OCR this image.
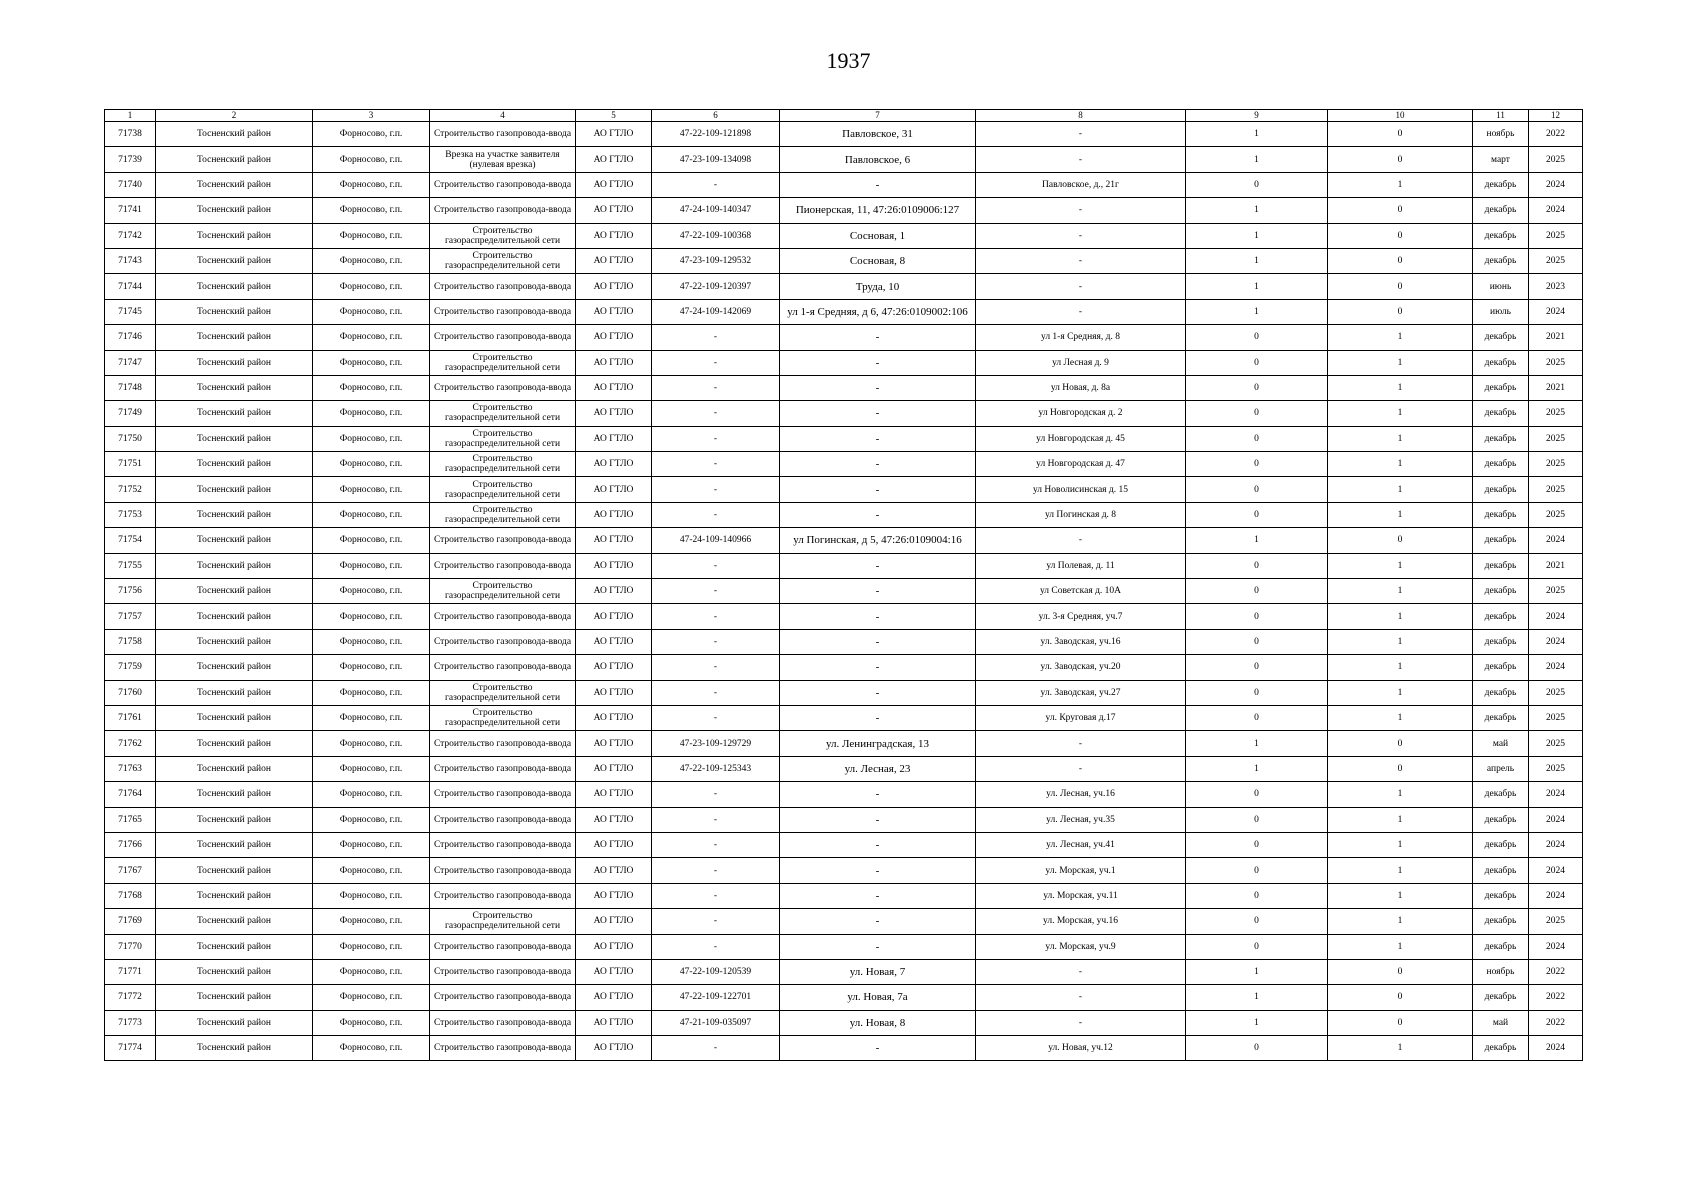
1937
1	2	3	4	5	6	7	8	9	10	11	12
71738	Тосненский район	Форносово, г.п.	Строительство газопровода-ввода	АО ГТЛО	47-22-109-121898	Павловское, 31	-	1	0	ноябрь	2022
71739	Тосненский район	Форносово, г.п.	Врезка на участке заявителя (нулевая врезка)	АО ГТЛО	47-23-109-134098	Павловское, 6	-	1	0	март	2025
71740	Тосненский район	Форносово, г.п.	Строительство газопровода-ввода	АО ГТЛО	-	-	Павловское, д., 21г	0	1	декабрь	2024
71741	Тосненский район	Форносово, г.п.	Строительство газопровода-ввода	АО ГТЛО	47-24-109-140347	Пионерская, 11, 47:26:0109006:127	-	1	0	декабрь	2024
71742	Тосненский район	Форносово, г.п.	Строительство газораспределительной сети	АО ГТЛО	47-22-109-100368	Сосновая, 1	-	1	0	декабрь	2025
71743	Тосненский район	Форносово, г.п.	Строительство газораспределительной сети	АО ГТЛО	47-23-109-129532	Сосновая, 8	-	1	0	декабрь	2025
71744	Тосненский район	Форносово, г.п.	Строительство газопровода-ввода	АО ГТЛО	47-22-109-120397	Труда, 10	-	1	0	июнь	2023
71745	Тосненский район	Форносово, г.п.	Строительство газопровода-ввода	АО ГТЛО	47-24-109-142069	ул 1-я Средняя, д 6, 47:26:0109002:106	-	1	0	июль	2024
71746	Тосненский район	Форносово, г.п.	Строительство газопровода-ввода	АО ГТЛО	-	-	ул 1-я Средняя, д. 8	0	1	декабрь	2021
71747	Тосненский район	Форносово, г.п.	Строительство газораспределительной сети	АО ГТЛО	-	-	ул Лесная д. 9	0	1	декабрь	2025
71748	Тосненский район	Форносово, г.п.	Строительство газопровода-ввода	АО ГТЛО	-	-	ул Новая, д. 8а	0	1	декабрь	2021
71749	Тосненский район	Форносово, г.п.	Строительство газораспределительной сети	АО ГТЛО	-	-	ул Новгородская д. 2	0	1	декабрь	2025
71750	Тосненский район	Форносово, г.п.	Строительство газораспределительной сети	АО ГТЛО	-	-	ул Новгородская д. 45	0	1	декабрь	2025
71751	Тосненский район	Форносово, г.п.	Строительство газораспределительной сети	АО ГТЛО	-	-	ул Новгородская д. 47	0	1	декабрь	2025
71752	Тосненский район	Форносово, г.п.	Строительство газораспределительной сети	АО ГТЛО	-	-	ул Новолисинская д. 15	0	1	декабрь	2025
71753	Тосненский район	Форносово, г.п.	Строительство газораспределительной сети	АО ГТЛО	-	-	ул Погинская д. 8	0	1	декабрь	2025
71754	Тосненский район	Форносово, г.п.	Строительство газопровода-ввода	АО ГТЛО	47-24-109-140966	ул Погинская, д 5, 47:26:0109004:16	-	1	0	декабрь	2024
71755	Тосненский район	Форносово, г.п.	Строительство газопровода-ввода	АО ГТЛО	-	-	ул Полевая, д. 11	0	1	декабрь	2021
71756	Тосненский район	Форносово, г.п.	Строительство газораспределительной сети	АО ГТЛО	-	-	ул Советская д. 10А	0	1	декабрь	2025
71757	Тосненский район	Форносово, г.п.	Строительство газопровода-ввода	АО ГТЛО	-	-	ул. 3-я Средняя, уч.7	0	1	декабрь	2024
71758	Тосненский район	Форносово, г.п.	Строительство газопровода-ввода	АО ГТЛО	-	-	ул. Заводская, уч.16	0	1	декабрь	2024
71759	Тосненский район	Форносово, г.п.	Строительство газопровода-ввода	АО ГТЛО	-	-	ул. Заводская, уч.20	0	1	декабрь	2024
71760	Тосненский район	Форносово, г.п.	Строительство газораспределительной сети	АО ГТЛО	-	-	ул. Заводская, уч.27	0	1	декабрь	2025
71761	Тосненский район	Форносово, г.п.	Строительство газораспределительной сети	АО ГТЛО	-	-	ул. Круговая д.17	0	1	декабрь	2025
71762	Тосненский район	Форносово, г.п.	Строительство газопровода-ввода	АО ГТЛО	47-23-109-129729	ул. Ленинградская, 13	-	1	0	май	2025
71763	Тосненский район	Форносово, г.п.	Строительство газопровода-ввода	АО ГТЛО	47-22-109-125343	ул. Лесная, 23	-	1	0	апрель	2025
71764	Тосненский район	Форносово, г.п.	Строительство газопровода-ввода	АО ГТЛО	-	-	ул. Лесная, уч.16	0	1	декабрь	2024
71765	Тосненский район	Форносово, г.п.	Строительство газопровода-ввода	АО ГТЛО	-	-	ул. Лесная, уч.35	0	1	декабрь	2024
71766	Тосненский район	Форносово, г.п.	Строительство газопровода-ввода	АО ГТЛО	-	-	ул. Лесная, уч.41	0	1	декабрь	2024
71767	Тосненский район	Форносово, г.п.	Строительство газопровода-ввода	АО ГТЛО	-	-	ул. Морская, уч.1	0	1	декабрь	2024
71768	Тосненский район	Форносово, г.п.	Строительство газопровода-ввода	АО ГТЛО	-	-	ул. Морская, уч.11	0	1	декабрь	2024
71769	Тосненский район	Форносово, г.п.	Строительство газораспределительной сети	АО ГТЛО	-	-	ул. Морская, уч.16	0	1	декабрь	2025
71770	Тосненский район	Форносово, г.п.	Строительство газопровода-ввода	АО ГТЛО	-	-	ул. Морская, уч.9	0	1	декабрь	2024
71771	Тосненский район	Форносово, г.п.	Строительство газопровода-ввода	АО ГТЛО	47-22-109-120539	ул. Новая, 7	-	1	0	ноябрь	2022
71772	Тосненский район	Форносово, г.п.	Строительство газопровода-ввода	АО ГТЛО	47-22-109-122701	ул. Новая, 7а	-	1	0	декабрь	2022
71773	Тосненский район	Форносово, г.п.	Строительство газопровода-ввода	АО ГТЛО	47-21-109-035097	ул. Новая, 8	-	1	0	май	2022
71774	Тосненский район	Форносово, г.п.	Строительство газопровода-ввода	АО ГТЛО	-	-	ул. Новая, уч.12	0	1	декабрь	2024
